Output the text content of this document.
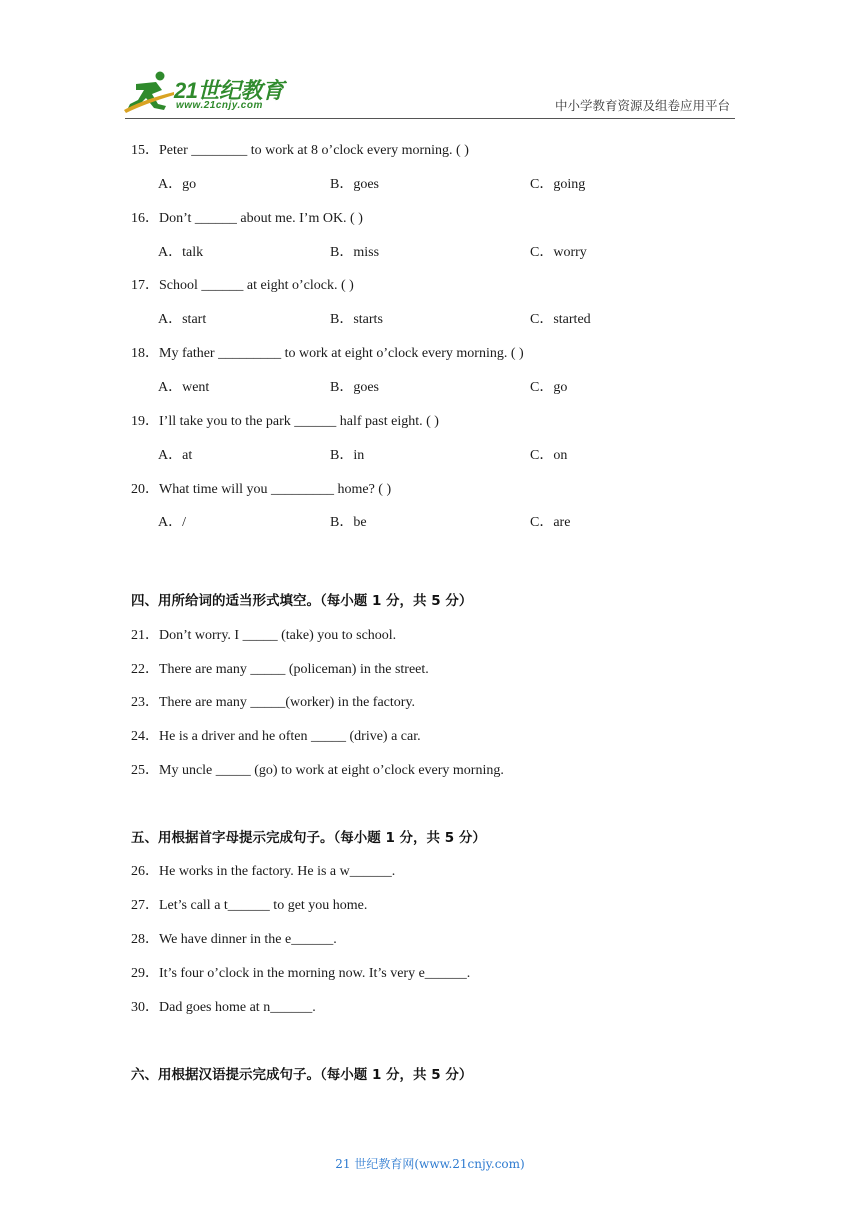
21世纪教育
www.21cnjy.com	中小学教育资源及组卷应用平台
15．Peter ________ to work at 8 o’clock every morning. ( )
A．go	B．goes	C．going
16．Don’t ______ about me. I’m OK. ( )
A．talk	B．miss	C．worry
17．School ______ at eight o’clock. ( )
A．start	B．starts	C．started
18．My father _________ to work at eight o’clock every morning. ( )
A．went	B．goes	C．go
19．I’ll take you to the park ______ half past eight. ( )
A．at	B．in	C．on
20．What time will you _________ home? ( )
A．/	B．be	C．are
四、用所给词的适当形式填空。（每小题 1 分，共 5 分）
21．Don’t worry. I _____ (take) you to school.
22．There are many _____ (policeman) in the street.
23．There are many _____(worker) in the factory.
24．He is a driver and he often _____ (drive) a car.
25．My uncle _____ (go) to work at eight o’clock every morning.
五、用根据首字母提示完成句子。（每小题 1 分，共 5 分）
26．He works in the factory. He is a w______.
27．Let’s call a t______ to get you home.
28．We have dinner in the e______.
29．It’s four o’clock in the morning now. It’s very e______.
30．Dad goes home at n______.
六、用根据汉语提示完成句子。（每小题 1 分，共 5 分）
21 世纪教育网(www.21cnjy.com)
